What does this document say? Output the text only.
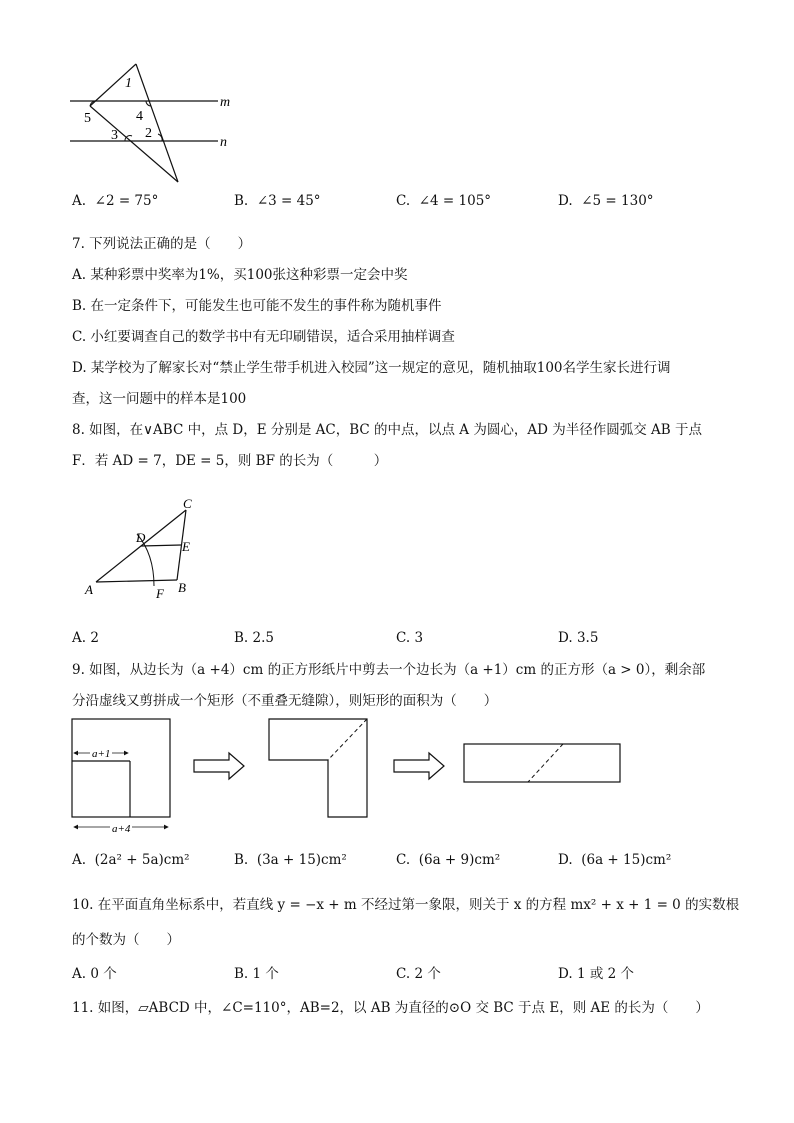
1
5	4
3 2
m
n
A. ∠2 = 75°	B. ∠3 = 45°	C. ∠4 = 105°	D. ∠5 = 130°
7. 下列说法正确的是（　　）
A. 某种彩票中奖率为1%，买100张这种彩票一定会中奖
B. 在一定条件下，可能发生也可能不发生的事件称为随机事件
C. 小红要调查自己的数学书中有无印刷错误，适合采用抽样调查
D. 某学校为了解家长对“禁止学生带手机进入校园”这一规定的意见，随机抽取100名学生家长进行调
查，这一问题中的样本是100
8. 如图，在∨ABC 中，点 D，E 分别是 AC，BC 的中点，以点 A 为圆心，AD 为半径作圆弧交 AB 于点
F．若 AD = 7，DE = 5，则 BF 的长为（　　　）
A	B
C
D
E
F
A. 2	B. 2.5	C. 3	D. 3.5
9. 如图，从边长为（a +4）cm 的正方形纸片中剪去一个边长为（a +1）cm 的正方形（a > 0），剩余部
分沿虚线又剪拼成一个矩形（不重叠无缝隙），则矩形的面积为（　　）
a+1
a+4
A. (2a² + 5a)cm²	B. (3a + 15)cm²	C. (6a + 9)cm²	D. (6a + 15)cm²
10. 在平面直角坐标系中，若直线 y = −x + m 不经过第一象限，则关于 x 的方程 mx² + x + 1 = 0 的实数根
的个数为（　　）
A. 0 个	B. 1 个	C. 2 个	D. 1 或 2 个
11. 如图，▱ABCD 中，∠C=110°，AB=2，以 AB 为直径的⊙O 交 BC 于点 E，则 AE 的长为（　　）
